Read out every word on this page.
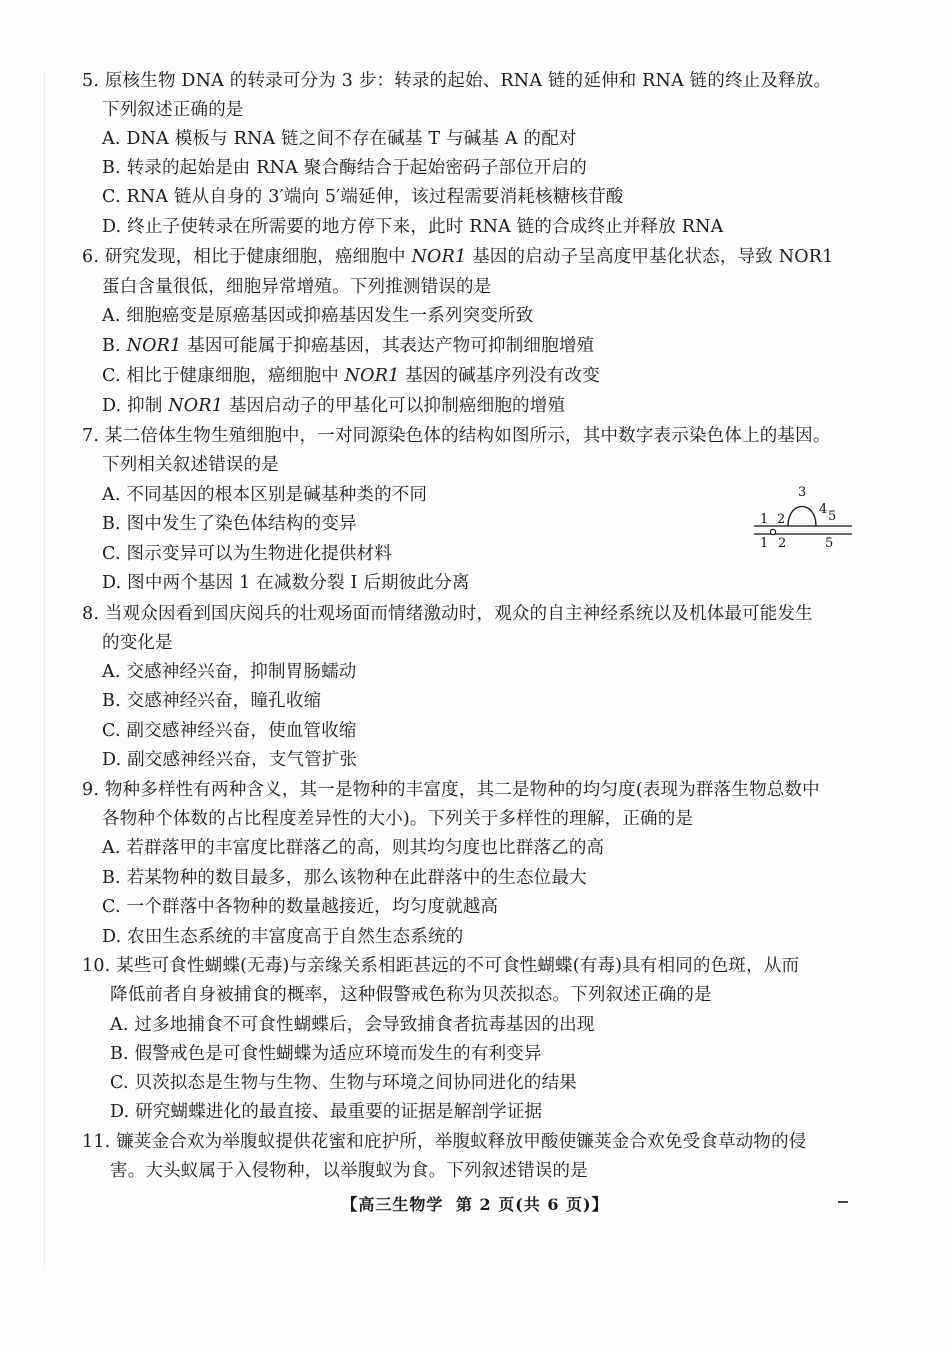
5. 原核生物 DNA 的转录可分为 3 步：转录的起始、RNA 链的延伸和 RNA 链的终止及释放。
下列叙述正确的是
A. DNA 模板与 RNA 链之间不存在碱基 T 与碱基 A 的配对
B. 转录的起始是由 RNA 聚合酶结合于起始密码子部位开启的
C. RNA 链从自身的 3′端向 5′端延伸，该过程需要消耗核糖核苷酸
D. 终止子使转录在所需要的地方停下来，此时 RNA 链的合成终止并释放 RNA
6. 研究发现，相比于健康细胞，癌细胞中 NOR1 基因的启动子呈高度甲基化状态，导致 NOR1
蛋白含量很低，细胞异常增殖。下列推测错误的是
A. 细胞癌变是原癌基因或抑癌基因发生一系列突变所致
B. NOR1 基因可能属于抑癌基因，其表达产物可抑制细胞增殖
C. 相比于健康细胞，癌细胞中 NOR1 基因的碱基序列没有改变
D. 抑制 NOR1 基因启动子的甲基化可以抑制癌细胞的增殖
7. 某二倍体生物生殖细胞中，一对同源染色体的结构如图所示，其中数字表示染色体上的基因。
下列相关叙述错误的是
A. 不同基因的根本区别是碱基种类的不同
B. 图中发生了染色体结构的变异
C. 图示变异可以为生物进化提供材料
D. 图中两个基因 1 在减数分裂 Ⅰ 后期彼此分离
1 2
3
4 5
1 2	5
8. 当观众因看到国庆阅兵的壮观场面而情绪激动时，观众的自主神经系统以及机体最可能发生
的变化是
A. 交感神经兴奋，抑制胃肠蠕动
B. 交感神经兴奋，瞳孔收缩
C. 副交感神经兴奋，使血管收缩
D. 副交感神经兴奋，支气管扩张
9. 物种多样性有两种含义，其一是物种的丰富度，其二是物种的均匀度(表现为群落生物总数中
各物种个体数的占比程度差异性的大小)。下列关于多样性的理解，正确的是
A. 若群落甲的丰富度比群落乙的高，则其均匀度也比群落乙的高
B. 若某物种的数目最多，那么该物种在此群落中的生态位最大
C. 一个群落中各物种的数量越接近，均匀度就越高
D. 农田生态系统的丰富度高于自然生态系统的
10. 某些可食性蝴蝶(无毒)与亲缘关系相距甚远的不可食性蝴蝶(有毒)具有相同的色斑，从而
降低前者自身被捕食的概率，这种假警戒色称为贝茨拟态。下列叙述正确的是
A. 过多地捕食不可食性蝴蝶后，会导致捕食者抗毒基因的出现
B. 假警戒色是可食性蝴蝶为适应环境而发生的有利变异
C. 贝茨拟态是生物与生物、生物与环境之间协同进化的结果
D. 研究蝴蝶进化的最直接、最重要的证据是解剖学证据
11. 镰荚金合欢为举腹蚁提供花蜜和庇护所，举腹蚁释放甲酸使镰荚金合欢免受食草动物的侵
害。大头蚁属于入侵物种，以举腹蚁为食。下列叙述错误的是
【高三生物学 第 2 页(共 6 页)】
